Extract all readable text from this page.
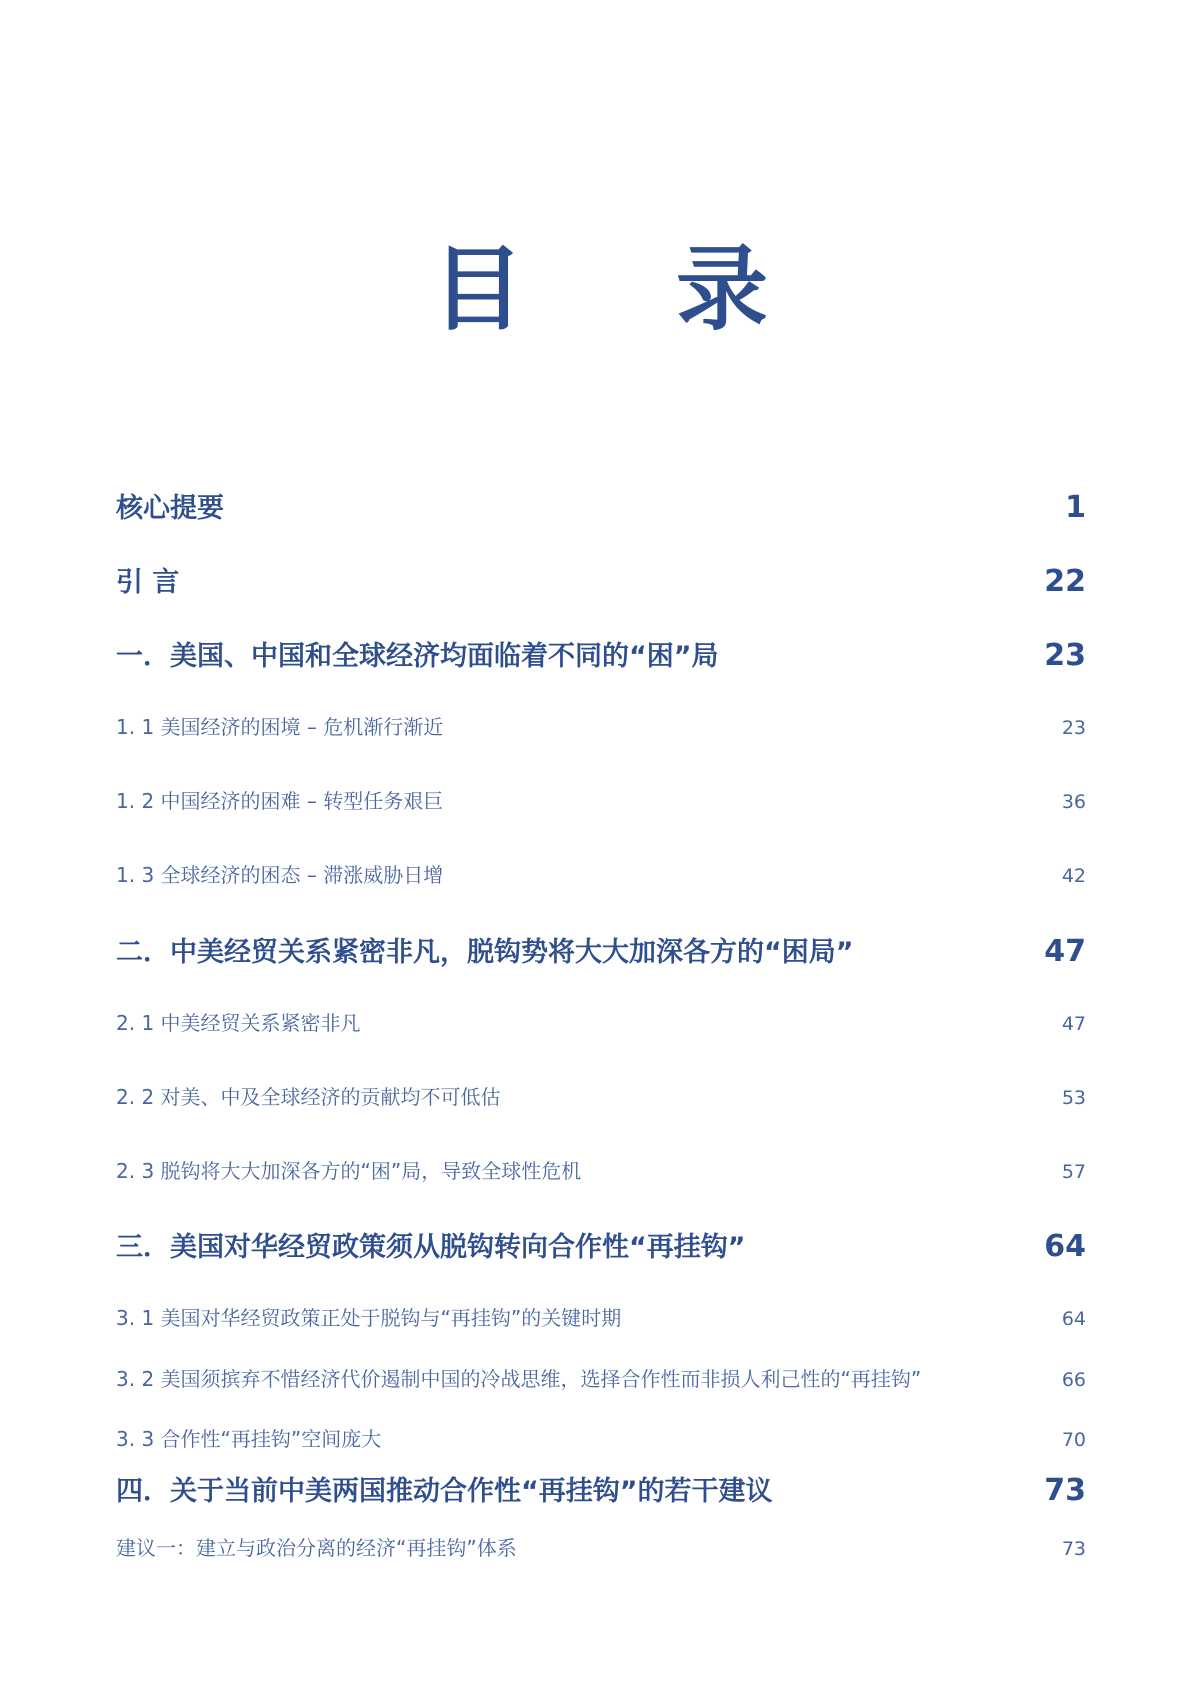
目 录
核心提要	1
引 言	22
一．美国、中国和全球经济均面临着不同的“困”局	23
1. 1 美国经济的困境 – 危机渐行渐近	23
1. 2 中国经济的困难 – 转型任务艰巨	36
1. 3 全球经济的困态 – 滞涨威胁日增	42
二．中美经贸关系紧密非凡，脱钩势将大大加深各方的“困局”	47
2. 1 中美经贸关系紧密非凡	47
2. 2 对美、中及全球经济的贡献均不可低估	53
2. 3 脱钩将大大加深各方的“困”局，导致全球性危机	57
三．美国对华经贸政策须从脱钩转向合作性“再挂钩”	64
3. 1 美国对华经贸政策正处于脱钩与“再挂钩”的关键时期	64
3. 2 美国须摈弃不惜经济代价遏制中国的冷战思维，选择合作性而非损人利己性的“再挂钩”	66
3. 3 合作性“再挂钩”空间庞大	70
四．关于当前中美两国推动合作性“再挂钩”的若干建议	73
建议一：建立与政治分离的经济“再挂钩”体系	73
